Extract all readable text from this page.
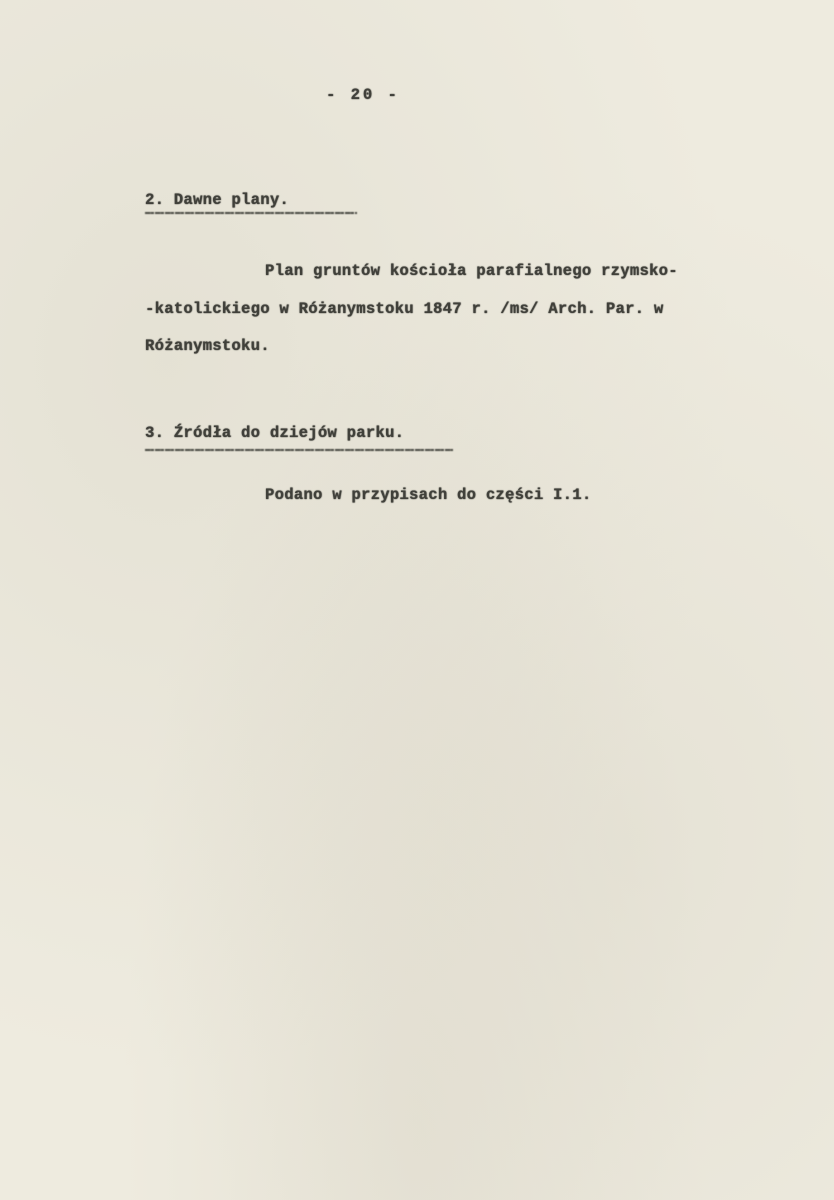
- 20 -
2. Dawne plany.
Plan gruntów kościoła parafialnego rzymsko-
-katolickiego w Różanymstoku 1847 r. /ms/ Arch. Par. w
Różanymstoku.
3. Źródła do dziejów parku.
Podano w przypisach do części I.1.
